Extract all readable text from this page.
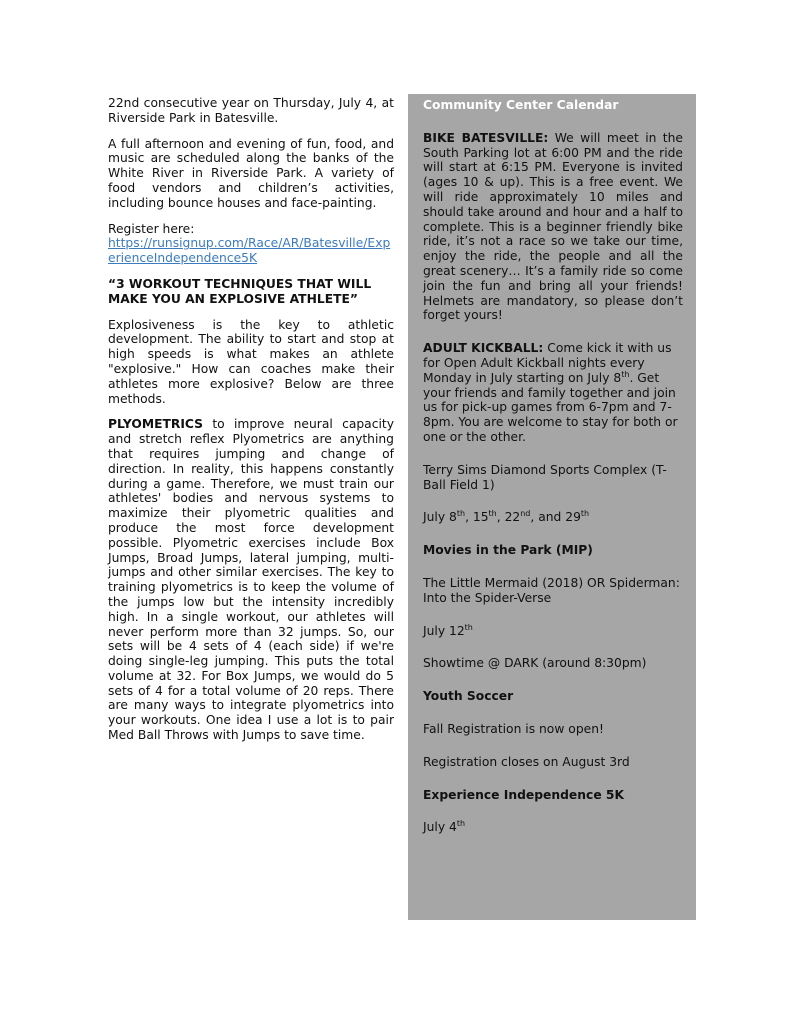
22nd consecutive year on Thursday, July 4, at Riverside Park in Batesville.

A full afternoon and evening of fun, food, and music are scheduled along the banks of the White River in Riverside Park. A variety of food vendors and children’s activities, including bounce houses and face-painting.

Register here:
https://runsignup.com/Race/AR/Batesville/ExperienceIndependence5K

“3 WORKOUT TECHNIQUES THAT WILL MAKE YOU AN EXPLOSIVE ATHLETE”

Explosiveness is the key to athletic development. The ability to start and stop at high speeds is what makes an athlete "explosive." How can coaches make their athletes more explosive? Below are three methods.

PLYOMETRICS to improve neural capacity and stretch reflex Plyometrics are anything that requires jumping and change of direction. In reality, this happens constantly during a game. Therefore, we must train our athletes' bodies and nervous systems to maximize their plyometric qualities and produce the most force development possible. Plyometric exercises include Box Jumps, Broad Jumps, lateral jumping, multi-jumps and other similar exercises. The key to training plyometrics is to keep the volume of the jumps low but the intensity incredibly high. In a single workout, our athletes will never perform more than 32 jumps. So, our sets will be 4 sets of 4 (each side) if we're doing single-leg jumping. This puts the total volume at 32. For Box Jumps, we would do 5 sets of 4 for a total volume of 20 reps. There are many ways to integrate plyometrics into your workouts. One idea I use a lot is to pair Med Ball Throws with Jumps to save time.

Community Center Calendar

BIKE BATESVILLE: We will meet in the South Parking lot at 6:00 PM and the ride will start at 6:15 PM. Everyone is invited (ages 10 & up). This is a free event. We will ride approximately 10 miles and should take around and hour and a half to complete. This is a beginner friendly bike ride, it’s not a race so we take our time, enjoy the ride, the people and all the great scenery… It’s a family ride so come join the fun and bring all your friends! Helmets are mandatory, so please don’t forget yours!

ADULT KICKBALL: Come kick it with us for Open Adult Kickball nights every Monday in July starting on July 8th. Get your friends and family together and join us for pick-up games from 6-7pm and 7-8pm. You are welcome to stay for both or one or the other.

Terry Sims Diamond Sports Complex (T-Ball Field 1)

July 8th, 15th, 22nd, and 29th

Movies in the Park (MIP)

The Little Mermaid (2018) OR Spiderman: Into the Spider-Verse

July 12th

Showtime @ DARK (around 8:30pm)

Youth Soccer

Fall Registration is now open!

Registration closes on August 3rd

Experience Independence 5K

July 4th
